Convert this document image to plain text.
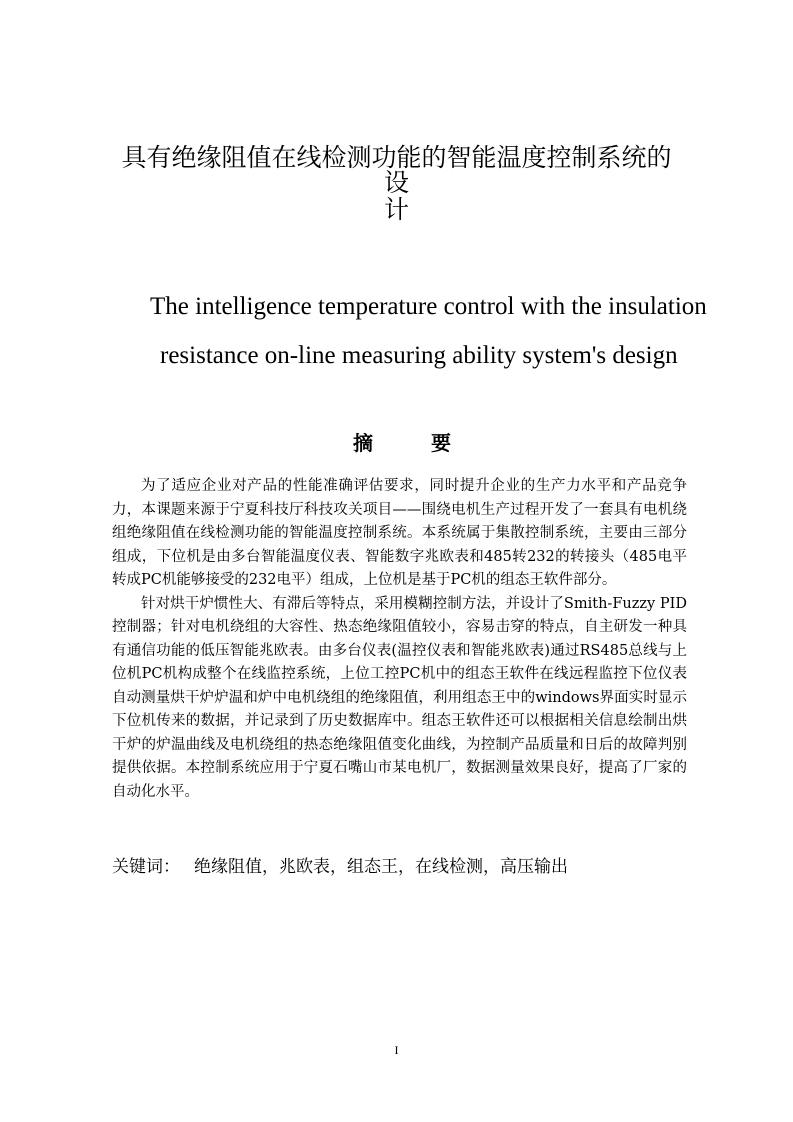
具有绝缘阻值在线检测功能的智能温度控制系统的设
计
The intelligence temperature control with the insulation
resistance on-line measuring ability system's design
摘	要

为了适应企业对产品的性能准确评估要求，同时提升企业的生产力水平和产品竞争力，本课题来源于宁夏科技厅科技攻关项目——围绕电机生产过程开发了一套具有电机绕组绝缘阻值在线检测功能的智能温度控制系统。本系统属于集散控制系统，主要由三部分组成，下位机是由多台智能温度仪表、智能数字兆欧表和485转232的转接头（485电平转成PC机能够接受的232电平）组成，上位机是基于PC机的组态王软件部分。

针对烘干炉惯性大、有滞后等特点，采用模糊控制方法，并设计了Smith-Fuzzy PID控制器；针对电机绕组的大容性、热态绝缘阻值较小，容易击穿的特点，自主研发一种具有通信功能的低压智能兆欧表。由多台仪表(温控仪表和智能兆欧表)通过RS485总线与上位机PC机构成整个在线监控系统，上位工控PC机中的组态王软件在线远程监控下位仪表自动测量烘干炉炉温和炉中电机绕组的绝缘阻值，利用组态王中的windows界面实时显示下位机传来的数据，并记录到了历史数据库中。组态王软件还可以根据相关信息绘制出烘干炉的炉温曲线及电机绕组的热态绝缘阻值变化曲线，为控制产品质量和日后的故障判别提供依据。本控制系统应用于宁夏石嘴山市某电机厂，数据测量效果良好，提高了厂家的自动化水平。

关键词： 绝缘阻值，兆欧表，组态王，在线检测，高压输出
I
